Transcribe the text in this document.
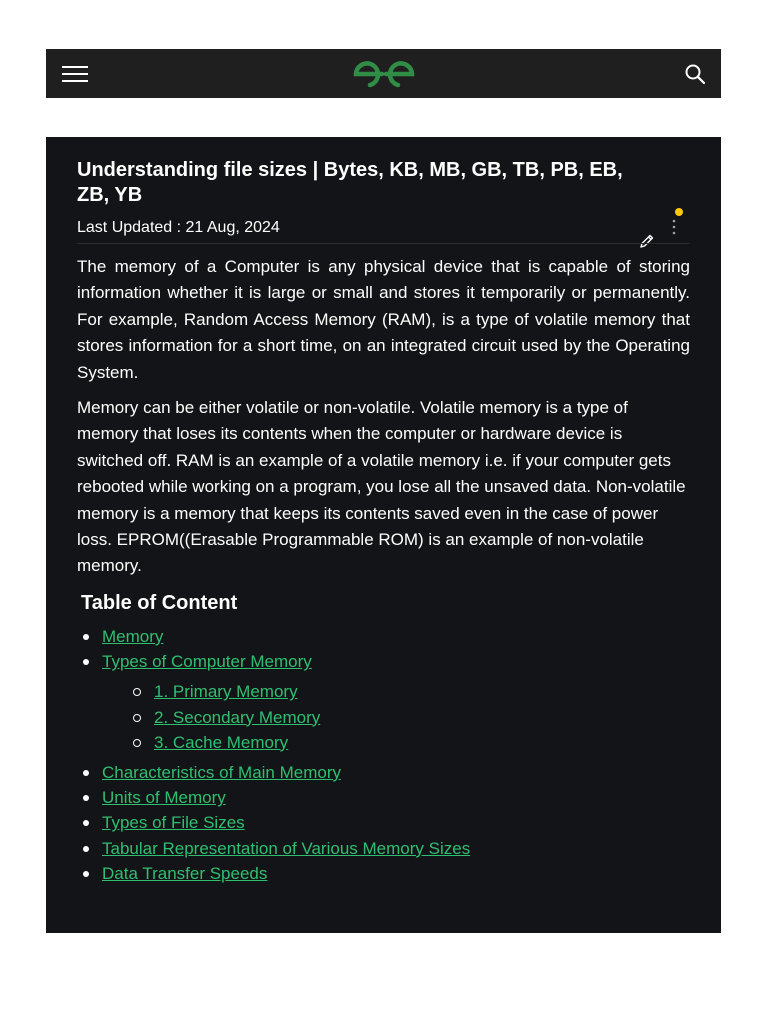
Understanding file sizes | Bytes, KB, MB, GB, TB, PB, EB, ZB, YB
Last Updated : 21 Aug, 2024

The memory of a Computer is any physical device that is capable of storing information whether it is large or small and stores it temporarily or permanently. For example, Random Access Memory (RAM), is a type of volatile memory that stores information for a short time, on an integrated circuit used by the Operating System.

Memory can be either volatile or non-volatile. Volatile memory is a type of memory that loses its contents when the computer or hardware device is switched off. RAM is an example of a volatile memory i.e. if your computer gets rebooted while working on a program, you lose all the unsaved data. Non-volatile memory is a memory that keeps its contents saved even in the case of power loss. EPROM((Erasable Programmable ROM) is an example of non-volatile memory.

Table of Content
Memory
Types of Computer Memory
1. Primary Memory
2. Secondary Memory
3. Cache Memory
Characteristics of Main Memory
Units of Memory
Types of File Sizes
Tabular Representation of Various Memory Sizes
Data Transfer Speeds
